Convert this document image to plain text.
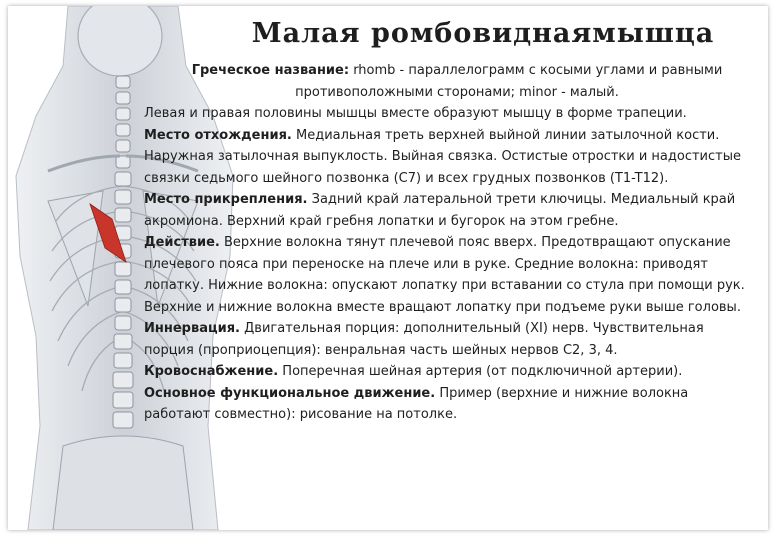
Малая ромбовиднаямышца

Греческое название: rhomb - параллелограмм с косыми углами и равными
противоположными сторонами; minor - малый.

Левая и правая половины мышцы вместе образуют мышцу в форме трапеции.

Место отхождения. Медиальная треть верхней выйной линии затылочной кости. Наружная затылочная выпуклость. Выйная связка. Остистые отростки и надостистые связки седьмого шейного позвонка (C7) и всех грудных позвонков (T1-T12).

Место прикрепления. Задний край латеральной трети ключицы. Медиальный край акромиона. Верхний край гребня лопатки и бугорок на этом гребне.

Действие. Верхние волокна тянут плечевой пояс вверх. Предотвращают опускание плечевого пояса при переноске на плече или в руке. Средние волокна: приводят лопатку. Нижние волокна: опускают лопатку при вставании со стула при помощи рук. Верхние и нижние волокна вместе вращают лопатку при подъеме руки выше головы.

Иннервация. Двигательная порция: дополнительный (XI) нерв. Чувствительная порция (проприоцепция): венральная часть шейных нервов C2, 3, 4.

Кровоснабжение. Поперечная шейная артерия (от подключичной артерии).

Основное функциональное движение. Пример (верхние и нижние волокна работают совместно): рисование на потолке.
